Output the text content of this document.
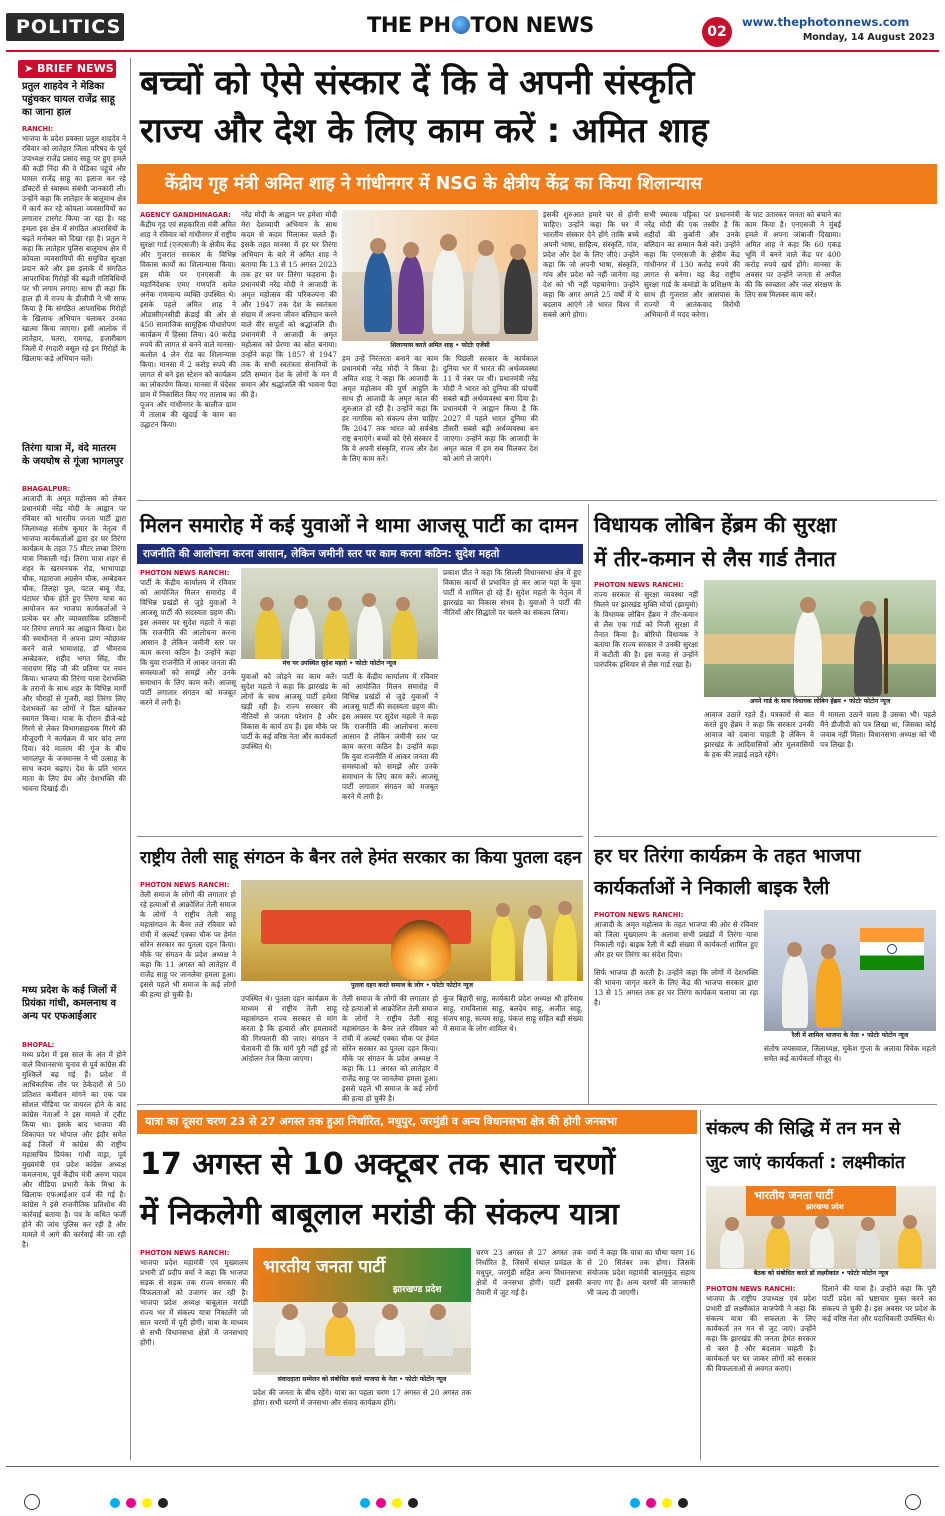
POLITICS	THE PH TON NEWS	02
www.thephotonnews.com
Monday, 14 August 2023
➤ BRIEF NEWS
प्रतुल शाहदेव ने मेडिका पहुंचकर घायल राजेंद्र साहू का जाना हाल
RANCHI:
भाजपा के प्रदेश प्रवक्ता प्रतुल शाहदेव ने रविवार को लातेहार जिला परिषद के पूर्व उपाध्यक्ष राजेंद्र प्रसाद साहू पर हुए हमले की कड़ी निंदा की वे मेडिका पहुंचे और घायल राजेंद्र साहू का इलाज कर रहे डॉक्टरों से स्वास्थ्य संबंधी जानकारी ली। उन्होंने कहा कि लातेहार के बालूमाथ क्षेत्र में कार्य कर रहे कोयला व्यवसायियों का लगातार टारगेट किया जा रहा है। यह हमला इस क्षेत्र में संगठित अपराधियों के बढ़ते मनोबल को दिखा रहा है। प्रतुल ने कहा कि लातेहार पुलिस बालूमाथ क्षेत्र में कोयला व्यवसायियों की समुचित सुरक्षा प्रदान करे और इस इलाके में संगठित आपराधिक गिरोहों की बढ़ती गतिविधियों पर भी लगाम लगाए। साथ ही कहा कि हाल ही में राज्य के डीजीपी ने भी साफ किया है कि संगठित आपराधिक गिरोहों के खिलाफ अभियान चलाकर उनका खात्मा किया जाएगा। इसी आलोक में लातेहार, चतरा, रामगढ़, हजारीबाग जिलों में रंगदारी वसूल रहे इन गिरोहों के खिलाफ कड़े अभियान चलें।
तिरंगा यात्रा में, वंदे मातरम के जयघोष से गूंजा भागलपुर
BHAGALPUR:
आजादी के अमृत महोत्सव को लेकर प्रधानमंत्री नरेंद्र मोदी के आह्वान पर रविवार को भारतीय जनता पार्टी द्वारा जिलाध्यक्ष संतोष कुमार के नेतृत्व में भाजपा कार्यकर्ताओं द्वारा हर घर तिरंगा कार्यक्रम के तहत 75 मीटर लम्बा तिरंगा यात्रा निकाली गई। तिरंगा यात्रा शहर से शहर के खरमनचक रोड, भाभापाड़ा चौक, महाराजा अग्रसेन चौक, अम्बेडकर चौक, तिलहा पुल, पटल बाबू रोड, घंटाघर चौक होते हुए तिरंगा यात्रा का आयोजन कर भाजपा कार्यकर्ताओं ने प्रत्येक घर और व्यावसायिक प्रतिष्ठानों पर तिरंगा लगाने का आह्वान किया। देश की स्वाधीनता में अपना प्राण न्योछावर करने वाले भामाशाह, डॉ भीमराव अम्बेडकर, शहीद भगत सिंह, वीर नारायण सिंह जी की प्रतिमा पर नमन किया। भाजपा की तिरंगा यात्रा देशभक्ति के तरानों के साथ शहर के विभिन्न मार्गों और चौराहों से गुजरी, वहां तिरंगा लिए देशभक्तों का लोगों ने दिल खोलकर स्वागत किया। यात्रा के दौरान डीजे-बड़े गिरगे से लेकर विभागसहायक गिरगे की मौजूदगी ने कार्यक्रम में चार चांद लगा दिया। वंदे मातरम की गूंज के बीच भागलपुर के जनमानस ने भी उत्साह के साथ कदम बढ़ाए। देश के प्रति भारत माता के लिए प्रेम और देशभक्ति की भावना दिखाई दी।
मध्य प्रदेश के कई जिलों में प्रियंका गांधी, कमलनाथ व अन्य पर एफआईआर
BHOPAL:
मध्य प्रदेश में इस साल के अंत में होने वाले विधानसभा चुनाव से पूर्व कांग्रेस की मुश्किलें बढ़ गई हैं। प्रदेश में आधिकारिक तौर पर ठेकेदारों से 50 प्रतिशत कमीशन मांगने का एक पत्र सोशल मीडिया पर वायरल होने के बाद कांग्रेस नेताओं ने इस मामले में ट्वीट किया था। इसके बाद भाजपा की शिकायत पर भोपाल और इंदौर समेत कई जिलों में कांग्रेस की राष्ट्रीय महासचिव प्रियंका गांधी वाड्रा, पूर्व मुख्यमंत्री एवं प्रदेश कांग्रेस अध्यक्ष कमलनाथ, पूर्व केंद्रीय मंत्री अरुण यादव और मीडिया प्रभारी केके मिश्रा के खिलाफ एफआईआर दर्ज की गई है। कांग्रेस ने इसे राजनीतिक प्रतिशोध की कार्रवाई बताया है। पत्र के कथित फर्जी होने की जांच पुलिस कर रही है और मामले में आगे की कार्रवाई की जा रही है।
बच्चों को ऐसे संस्कार दें कि वे अपनी संस्कृति
राज्य और देश के लिए काम करें : अमित शाह
केंद्रीय गृह मंत्री अमित शाह ने गांधीनगर में NSG के क्षेत्रीय केंद्र का किया शिलान्यास
AGENCY GANDHINAGAR:
केंद्रीय गृह एवं सहकारिता मंत्री अमित शाह ने रविवार को गांधीनगर में राष्ट्रीय सुरक्षा गार्ड (एनएसजी) के क्षेत्रीय केंद्र और गुजरात सरकार के विभिन्न विकास कार्यों का शिलान्यास किया। इस मौके पर एनएसजी के महानिदेशक एमए गणपति समेत अनेक गणमान्य व्यक्ति उपस्थित थे। इसके पहले अमित शाह ने औडासीएनसीडी क्रेडाई की ओर से 450 सामाजिक सामूहिक पौधारोपण कार्यक्रम में हिस्सा लिया। 40 करोड़ रुपये की लागत से बनने वाले मानसा-कलोल 4 लेन रोड का शिलान्यास किया। मानसा में 2 करोड़ रुपये की लागत से बने इस स्टेशन को कार्यक्रम का लोकार्पण किया। मानसा में चंदेसर ग्राम में निकासित किए गए तालाब का पूजन और गांधीनगर के बालीज ग्राम में तालाब की खुदाई के काम का उद्घाटन किया।
नरेंद्र मोदी के आह्वान पर हमेशा मोदी मेरा देशव्यापी अभियान के साथ कदम से कदम मिलाकर चलते हैं। इसके तहत मानसा में हर घर तिरंगा अभियान के बारे में अमित शाह ने बताया कि 13 से 15 अगस्त 2023 तक हर घर पर तिरंगा फहराना है। प्रधानमंत्री नरेंद्र मोदी ने आजादी के अमृत महोत्सव की परिकल्पना की और 1947 तक देश के स्वतंत्रता संग्राम में अपना जीवन बलिदान करने वाले वीर सपूतों को श्रद्धांजलि दी। प्रधानमंत्री ने आजादी के अमृत महोत्सव को प्रेरणा का स्रोत बनाया। उन्होंने कहा कि 1857 से 1947 तक के सभी स्वतंत्रता सेनानियों के प्रति सम्मान देश के लोगों के मन में समान और श्रद्धांजलि की भावना पैदा की है।
शिलान्यास करते अमित शाह • फोटोः एजेंसी
हम उन्हें निरंतरता बनाने का काम प्रधानमंत्री नरेंद्र मोदी ने किया है। अमित शाह ने कहा कि आजादी के अमृत महोत्सव की पूर्ण आहुति के साथ ही आजादी के अमृत काल की शुरुआत हो रही है। उन्होंने कहा कि हर नागरिक को संकल्प लेना चाहिए कि 2047 तक भारत को सर्वश्रेष्ठ राष्ट्र बनाएंगे। बच्चों को ऐसे संस्कार दें कि वे अपनी संस्कृति, राज्य और देश के लिए काम करें।
कि पिछली सरकार के कार्यकाल दुनिया भर में भारत की अर्थव्यवस्था 11 वें नंबर पर थी। प्रधानमंत्री नरेंद्र मोदी ने भारत को दुनिया की पांचवीं सबसे बड़ी अर्थव्यवस्था बना दिया है। प्रधानमंत्री ने आह्वान किया है कि 2027 में पहले भारत दुनिया की तीसरी सबसे बड़ी अर्थव्यवस्था बन जाएगा। उन्होंने कहा कि आजादी के अमृत काल में हम सब मिलकर देश को आगे ले जाएंगे।
इसकी शुरुआत हमारे घर से होनी चाहिए। उन्होंने कहा कि घर में भारतीय संस्कार देने होंगे ताकि बच्चे अपनी भाषा, साहित्य, संस्कृति, गांव, प्रदेश और देश के लिए जीएं। उन्होंने कहा कि जो अपनी भाषा, संस्कृति, गांव और प्रदेश को नहीं जानेगा वह देश को भी नहीं पहचानेगा। उन्होंने कहा कि अगर अगले 25 वर्षों में ये बदलाव आएंगे तो भारत विश्व में सबसे आगे होगा।
सभी स्मारक पट्टिका पर प्रधानमंत्री नरेंद्र मोदी की एक तस्वीर है कि शहीदों की कुर्बानी और उनके बलिदान का सम्मान कैसे करें। उन्होंने कहा कि एनएसजी के क्षेत्रीय केंद्र गांधीनगर में 130 करोड़ रुपये की लागत से बनेगा। यह केंद्र राष्ट्रीय सुरक्षा गार्ड के कमांडो के प्रशिक्षण के साथ ही गुजरात और आसपास के राज्यों में आतंकवाद विरोधी अभियानों में मदद करेगा।
के घाट उतारकर जनता को बचाने का काम किया है। एनएसजी ने मुंबई हमले में अपना जांबाजी दिखाया। अमित शाह ने कहा कि 60 एकड़ भूमि में बनने वाले केंद्र पर 400 करोड़ रुपये खर्च होंगे। मानसा के अवसर पर उन्होंने जनता से अपील की कि स्वच्छता और जल संरक्षण के लिए सब मिलकर काम करें।
मिलन समारोह में कई युवाओं ने थामा आजसू पार्टी का दामन
राजनीति की आलोचना करना आसान, लेकिन जमीनी स्तर पर काम करना कठिन: सुदेश महतो
PHOTON NEWS RANCHI:
पार्टी के केंद्रीय कार्यालय में रविवार को आयोजित मिलन समारोह में विभिन्न प्रखंडों से जुड़े युवाओं ने आजसू पार्टी की सदस्यता ग्रहण की। इस अवसर पर सुदेश महतो ने कहा कि राजनीति की आलोचना करना आसान है लेकिन जमीनी स्तर पर काम करना कठिन है। उन्होंने कहा कि युवा राजनीति में आकर जनता की समस्याओं को समझें और उनके समाधान के लिए काम करें। आजसू पार्टी लगातार संगठन को मजबूत करने में लगी है।
मंच पर उपस्थित सुदेश महतो • फोटोः फोटोन न्यूज
युवाओं को जोड़ने का काम करें। सुदेश महतो ने कहा कि झारखंड के लोगों के साथ आजसू पार्टी हमेशा खड़ी रही है। राज्य सरकार की नीतियों से जनता परेशान है और विकास के कार्य ठप हैं। इस मौके पर पार्टी के कई वरिष्ठ नेता और कार्यकर्ता उपस्थित थे।
पार्टी के केंद्रीय कार्यालय में रविवार को आयोजित मिलन समारोह में विभिन्न प्रखंडों से जुड़े युवाओं ने आजसू पार्टी की सदस्यता ग्रहण की। इस अवसर पर सुदेश महतो ने कहा कि राजनीति की आलोचना करना आसान है लेकिन जमीनी स्तर पर काम करना कठिन है। उन्होंने कहा कि युवा राजनीति में आकर जनता की समस्याओं को समझें और उनके समाधान के लिए काम करें। आजसू पार्टी लगातार संगठन को मजबूत करने में लगी है।
प्रकाश प्रीत ने कहा कि सिल्ली विधानसभा क्षेत्र में हुए विकास कार्यों से प्रभावित हो कर आज यहां के युवा पार्टी में शामिल हो रहे हैं। सुदेश महतो के नेतृत्व में झारखंड का विकास संभव है। युवाओं ने पार्टी की नीतियों और सिद्धांतों पर चलने का संकल्प लिया।
विधायक लोबिन हेंब्रम की सुरक्षा
में तीर-कमान से लैस गार्ड तैनात
PHOTON NEWS RANCHI:
राज्य सरकार से सुरक्षा व्यवस्था नहीं मिलने पर झारखंड मुक्ति मोर्चा (झामुमो) के विधायक लोबिन हेंब्रम ने तीर-कमान से लैस एक गार्ड को निजी सुरक्षा में तैनात किया है। बोरियो विधायक ने बताया कि राज्य सरकार ने उनकी सुरक्षा में कटौती की है। इस वजह से उन्होंने पारंपरिक हथियार से लैस गार्ड रखा है।
अपने गार्ड के साथ विधायक लोबिन हेंब्रम • फोटोः फोटोन न्यूज
आवाज उठाते रहते हैं। पत्रकारों से बात करते हुए हेंब्रम ने कहा कि सरकार उनकी आवाज को दबाना चाहती है लेकिन वे झारखंड के आदिवासियों और मूलवासियों के हक की लड़ाई लड़ते रहेंगे।
में मामला उठाने वाला है उसका भी। पहले मैंने डीजीपी को पत्र लिखा था, जिसका कोई जवाब नहीं मिला। विधानसभा अध्यक्ष को भी पत्र लिखा है।
राष्ट्रीय तेली साहू संगठन के बैनर तले हेमंत सरकार का किया पुतला दहन
PHOTON NEWS RANCHI:
तेली समाज के लोगों की लगातार हो रहे हत्याओं से आक्रोशित तेली समाज के लोगों ने राष्ट्रीय तेली साहू महासंगठन के बैनर तले रविवार को रांची में अल्बर्ट एक्का चौक पर हेमंत सोरेन सरकार का पुतला दहन किया। मौके पर संगठन के प्रदेश अध्यक्ष ने कहा कि 11 अगस्त को लातेहार में राजेंद्र साहू पर जानलेवा हमला हुआ। इससे पहले भी समाज के कई लोगों की हत्या हो चुकी है।
पुतला दहन करते समाज के लोग • फोटोः फोटोन न्यूज
उपस्थित थे। पुतला दहन कार्यक्रम के माध्यम से राष्ट्रीय तेली साहू महासंगठन राज्य सरकार से मांग करता है कि हत्यारों और हमलावरों की गिरफ्तारी की जाए। संगठन ने चेतावनी दी कि मांगें पूरी नहीं हुईं तो आंदोलन तेज किया जाएगा।
तेली समाज के लोगों की लगातार हो रहे हत्याओं से आक्रोशित तेली समाज के लोगों ने राष्ट्रीय तेली साहू महासंगठन के बैनर तले रविवार को रांची में अल्बर्ट एक्का चौक पर हेमंत सोरेन सरकार का पुतला दहन किया। मौके पर संगठन के प्रदेश अध्यक्ष ने कहा कि 11 अगस्त को लातेहार में राजेंद्र साहू पर जानलेवा हमला हुआ। इससे पहले भी समाज के कई लोगों की हत्या हो चुकी है।
कुंज बिहारी साहू, कार्यकारी प्रदेश अध्यक्ष श्री हरिनाथ साहू, रामविलास साहू, बलदेव साहू, अजीत साहू, संजय साहू, सत्यम साहू, पंकज साहू सहित बड़ी संख्या में समाज के लोग शामिल थे।
हर घर तिरंगा कार्यक्रम के तहत भाजपा
कार्यकर्ताओं ने निकाली बाइक रैली
PHOTON NEWS RANCHI:
आजादी के अमृत महोत्सव के तहत भाजपा की ओर से रविवार को जिला मुख्यालय के अलावा सभी प्रखंडों में तिरंगा यात्रा निकाली गई। बाइक रैली में बड़ी संख्या में कार्यकर्ता शामिल हुए और हर घर तिरंगा का संदेश दिया।
सिर्फ भाजपा ही करती है। उन्होंने कहा कि लोगों में देशभक्ति की भावना जागृत करने के लिए केंद्र की भाजपा सरकार द्वारा 13 से 15 अगस्त तक हर घर तिरंगा कार्यक्रम चलाया जा रहा है।
रैली में शामिल भाजपा के नेता • फोटोः फोटोन न्यूज
संतोष जयसवाल, जिलाध्यक्ष, मुकेश गुप्ता के अलावा विवेक महतो समेत कई कार्यकर्ता मौजूद थे।
यात्रा का दूसरा चरण 23 से 27 अगस्त तक हुआ निर्धारित, मधुपुर, जरमुंडी व अन्य विधानसभा क्षेत्र की होगी जनसभा
17 अगस्त से 10 अक्टूबर तक सात चरणों
में निकलेगी बाबूलाल मरांडी की संकल्प यात्रा
PHOTON NEWS RANCHI:
भाजपा प्रदेश महामंत्री एवं मुख्यालय प्रभारी डॉ प्रदीप वर्मा ने कहा कि भाजपा सड़क से सड़क तक राज्य सरकार की विफलताओं को उजागर कर रही है। भाजपा प्रदेश अध्यक्ष बाबूलाल मरांडी राज्य भर में संकल्प यात्रा निकालेंगे जो सात चरणों में पूरी होगी। यात्रा के माध्यम से सभी विधानसभा क्षेत्रों में जनसभाएं होंगी।
भारतीय जनता पार्टी
झारखण्ड प्रदेश
संवाददाता सम्मेलन को संबोधित करते भाजपा के नेता • फोटोः फोटोन न्यूज
प्रदेश की जनता के बीच रहेंगे। यात्रा का पहला चरण 17 अगस्त से 20 अगस्त तक होगा। सभी चरणों में जनसभा और संवाद कार्यक्रम होंगे।
चरण 23 अगस्त से 27 अगस्त तक निर्धारित है, जिसमें संथाल प्रमंडल के मधुपुर, जरमुंडी सहित अन्य विधानसभा क्षेत्रों में जनसभा होगी। पार्टी इसकी तैयारी में जुट गई है।
वर्मा ने कहा कि यात्रा का चौथा चरण 16 से 20 सितंबर तक होगा। जिसके संयोजक प्रदेश महामंत्री बालमुकुंद सहाय बनाए गए हैं। अन्य चरणों की जानकारी भी जल्द दी जाएगी।
संकल्प की सिद्धि में तन मन से
जुट जाएं कार्यकर्ता : लक्ष्मीकांत
भारतीय जनता पार्टी
झारखण्ड प्रदेश
बैठक को संबोधित करते डॉ लक्ष्मीकांत • फोटोः फोटोन न्यूज
PHOTON NEWS RANCHI:
भाजपा के राष्ट्रीय उपाध्यक्ष एवं प्रदेश प्रभारी डॉ लक्ष्मीकांत वाजपेयी ने कहा कि संकल्प यात्रा की सफलता के लिए कार्यकर्ता तन मन से जुट जाएं। उन्होंने कहा कि झारखंड की जनता हेमंत सरकार से त्रस्त है और बदलाव चाहती है। कार्यकर्ता घर घर जाकर लोगों को सरकार की विफलताओं से अवगत कराएं।
दिलाने की यात्रा है। उन्होंने कहा कि पूरी पार्टी प्रदेश को भ्रष्टाचार मुक्त करने का संकल्प ले चुकी है। इस अवसर पर प्रदेश के कई वरिष्ठ नेता और पदाधिकारी उपस्थित थे।
